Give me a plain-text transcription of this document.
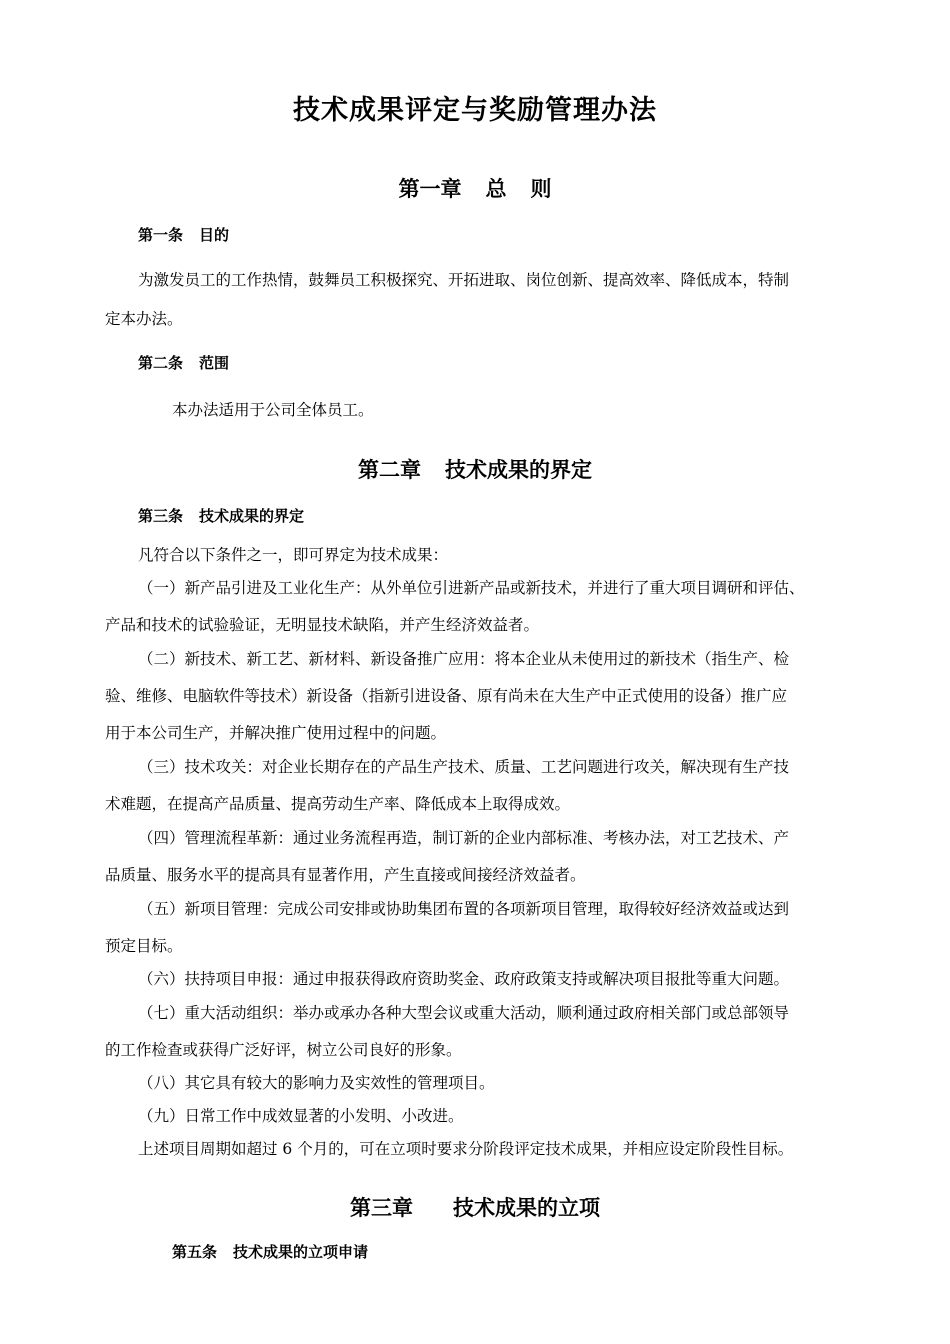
技术成果评定与奖励管理办法
第一章 总 则
第一条 目的
为激发员工的工作热情，鼓舞员工积极探究、开拓进取、岗位创新、提高效率、降低成本，特制
定本办法。
第二条 范围
本办法适用于公司全体员工。
第二章 技术成果的界定
第三条 技术成果的界定
凡符合以下条件之一，即可界定为技术成果：
（一）新产品引进及工业化生产：从外单位引进新产品或新技术，并进行了重大项目调研和评估、
产品和技术的试验验证，无明显技术缺陷，并产生经济效益者。
（二）新技术、新工艺、新材料、新设备推广应用：将本企业从未使用过的新技术（指生产、检
验、维修、电脑软件等技术）新设备（指新引进设备、原有尚未在大生产中正式使用的设备）推广应
用于本公司生产，并解决推广使用过程中的问题。
（三）技术攻关：对企业长期存在的产品生产技术、质量、工艺问题进行攻关，解决现有生产技
术难题，在提高产品质量、提高劳动生产率、降低成本上取得成效。
（四）管理流程革新：通过业务流程再造，制订新的企业内部标准、考核办法，对工艺技术、产
品质量、服务水平的提高具有显著作用，产生直接或间接经济效益者。
（五）新项目管理：完成公司安排或协助集团布置的各项新项目管理，取得较好经济效益或达到
预定目标。
（六）扶持项目申报：通过申报获得政府资助奖金、政府政策支持或解决项目报批等重大问题。
（七）重大活动组织：举办或承办各种大型会议或重大活动，顺利通过政府相关部门或总部领导
的工作检查或获得广泛好评，树立公司良好的形象。
（八）其它具有较大的影响力及实效性的管理项目。
（九）日常工作中成效显著的小发明、小改进。
上述项目周期如超过 6 个月的，可在立项时要求分阶段评定技术成果，并相应设定阶段性目标。
第三章 技术成果的立项
第五条 技术成果的立项申请
